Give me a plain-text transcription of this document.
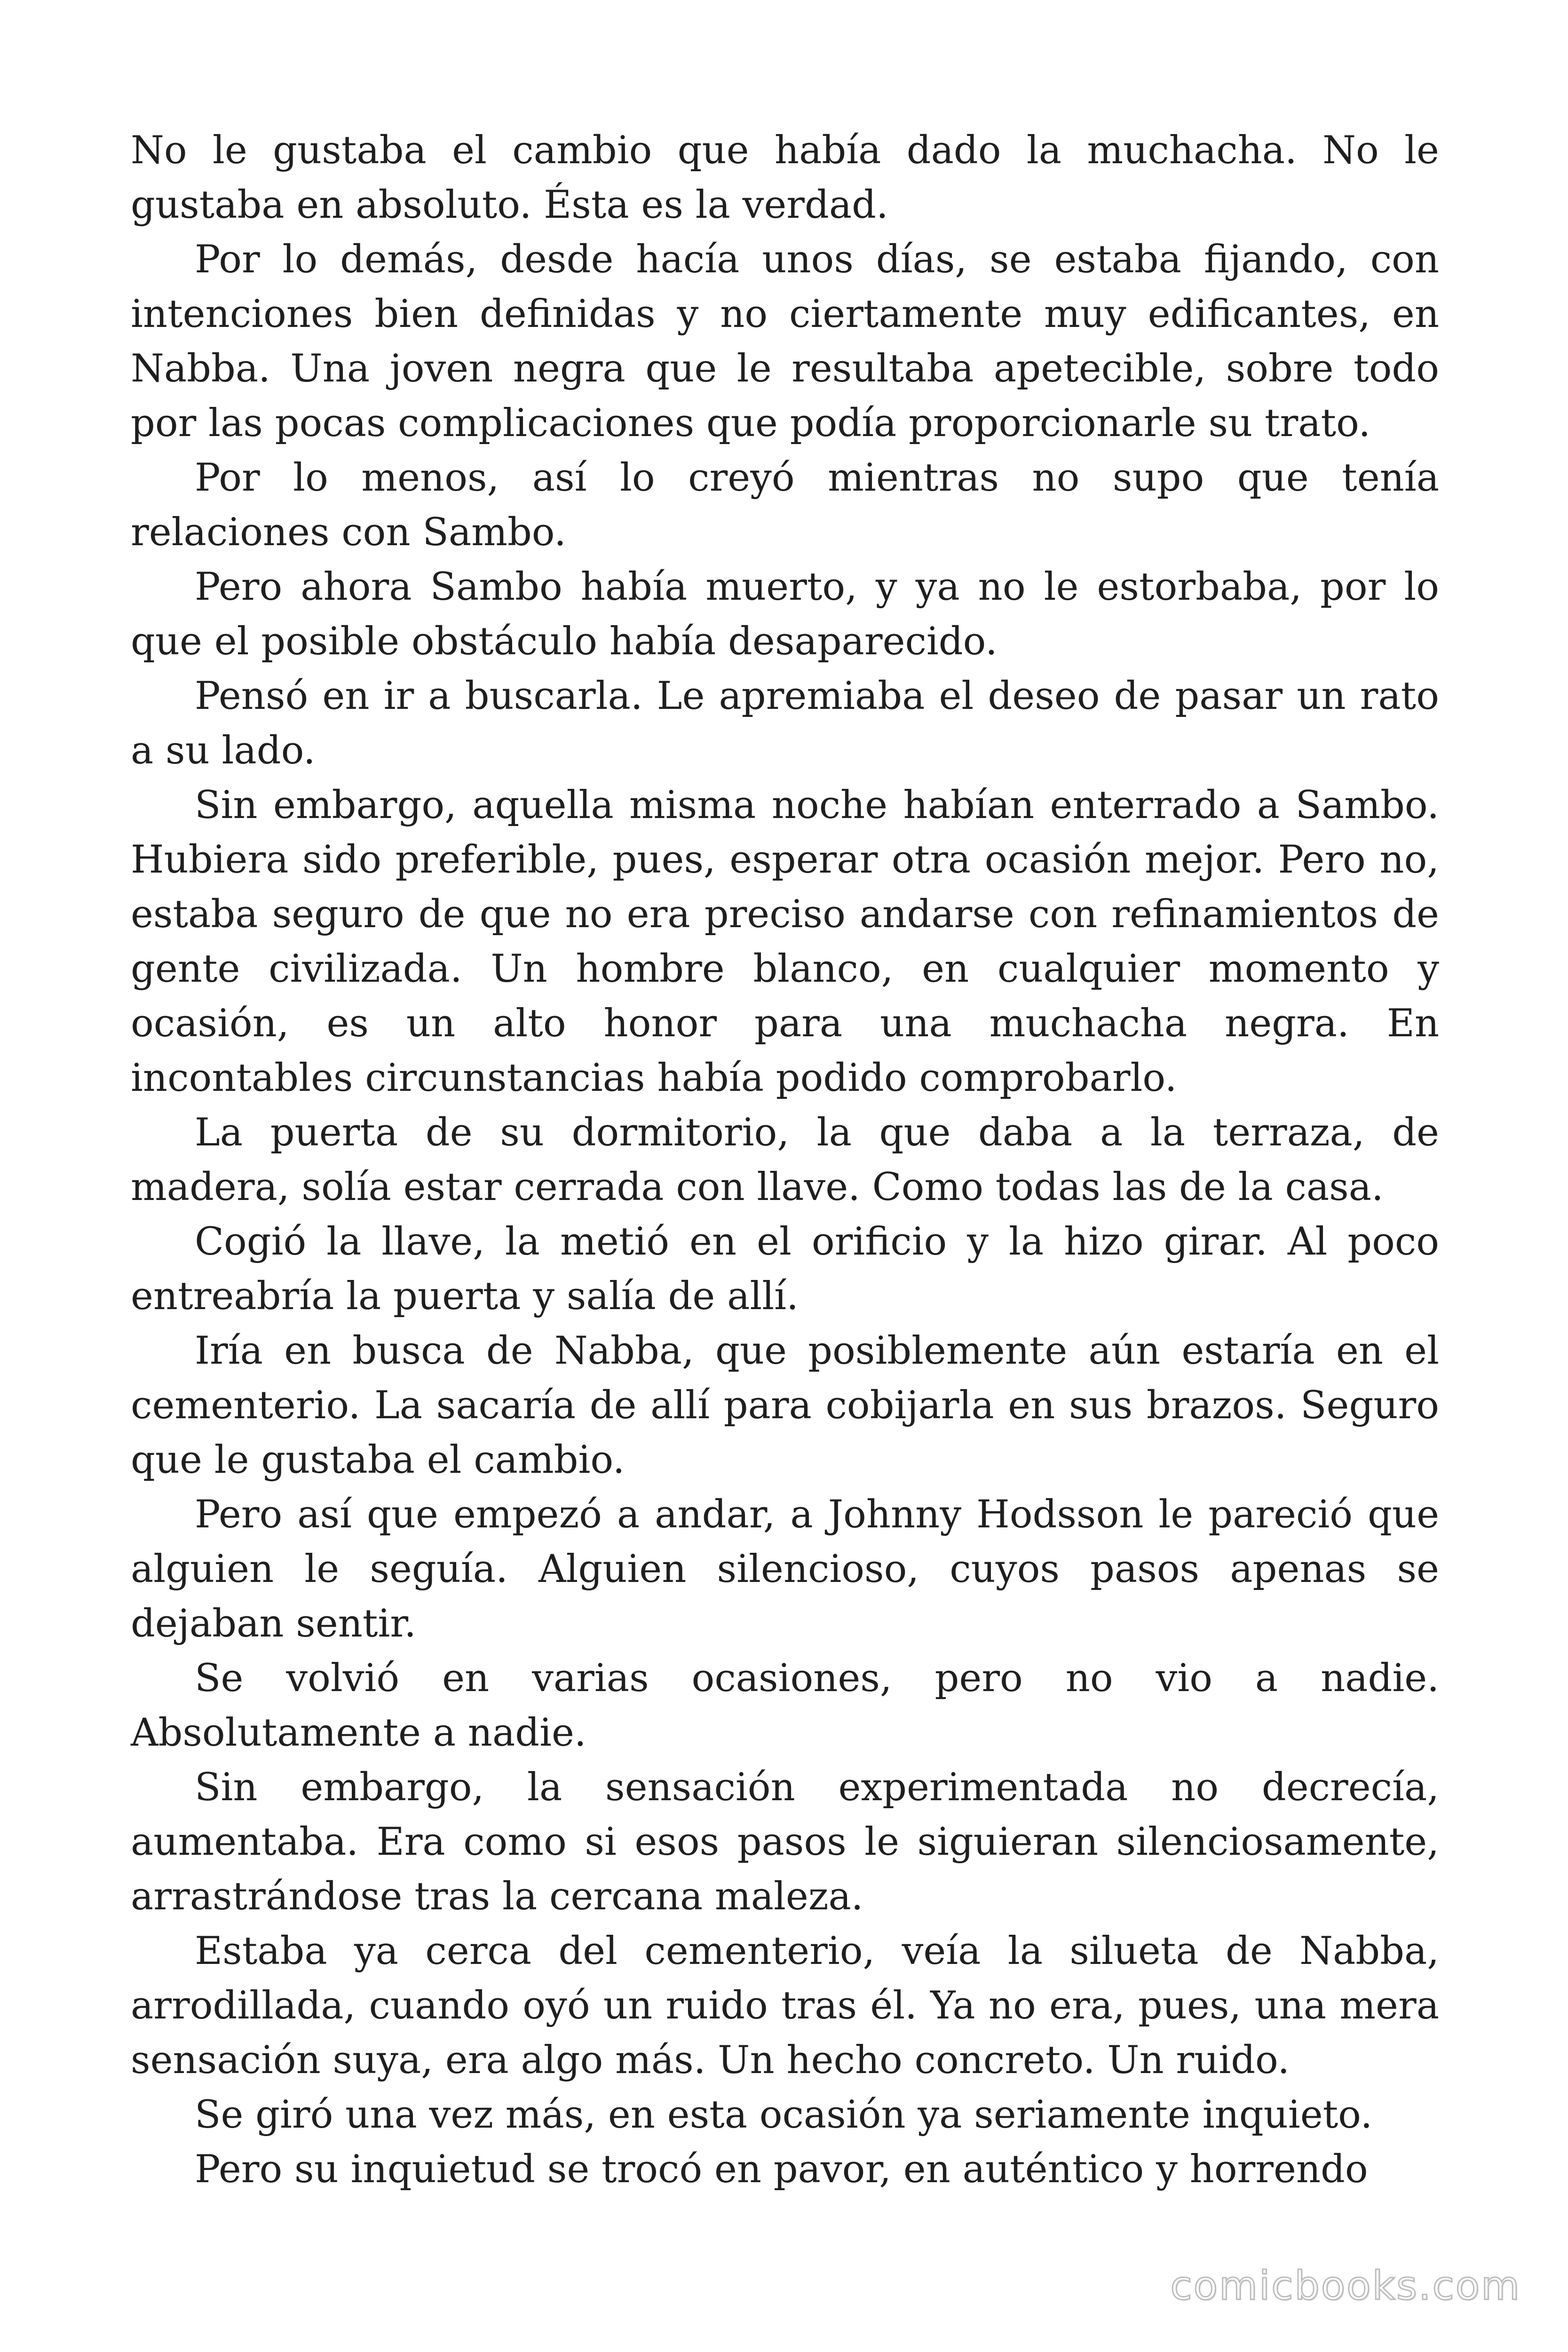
No le gustaba el cambio que había dado la muchacha. No le gustaba en absoluto. Ésta es la verdad.

Por lo demás, desde hacía unos días, se estaba fijando, con intenciones bien definidas y no ciertamente muy edificantes, en Nabba. Una joven negra que le resultaba apetecible, sobre todo por las pocas complicaciones que podía proporcionarle su trato.

Por lo menos, así lo creyó mientras no supo que tenía relaciones con Sambo.

Pero ahora Sambo había muerto, y ya no le estorbaba, por lo que el posible obstáculo había desaparecido.

Pensó en ir a buscarla. Le apremiaba el deseo de pasar un rato a su lado.

Sin embargo, aquella misma noche habían enterrado a Sambo. Hubiera sido preferible, pues, esperar otra ocasión mejor. Pero no, estaba seguro de que no era preciso andarse con refinamientos de gente civilizada. Un hombre blanco, en cualquier momento y ocasión, es un alto honor para una muchacha negra. En incontables circunstancias había podido comprobarlo.

La puerta de su dormitorio, la que daba a la terraza, de madera, solía estar cerrada con llave. Como todas las de la casa.

Cogió la llave, la metió en el orificio y la hizo girar. Al poco entreabría la puerta y salía de allí.

Iría en busca de Nabba, que posiblemente aún estaría en el cementerio. La sacaría de allí para cobijarla en sus brazos. Seguro que le gustaba el cambio.

Pero así que empezó a andar, a Johnny Hodsson le pareció que alguien le seguía. Alguien silencioso, cuyos pasos apenas se dejaban sentir.

Se volvió en varias ocasiones, pero no vio a nadie. Absolutamente a nadie.

Sin embargo, la sensación experimentada no decrecía, aumentaba. Era como si esos pasos le siguieran silenciosamente, arrastrándose tras la cercana maleza.

Estaba ya cerca del cementerio, veía la silueta de Nabba, arrodillada, cuando oyó un ruido tras él. Ya no era, pues, una mera sensación suya, era algo más. Un hecho concreto. Un ruido.

Se giró una vez más, en esta ocasión ya seriamente inquieto.

Pero su inquietud se trocó en pavor, en auténtico y horrendo

comicbooks.com
